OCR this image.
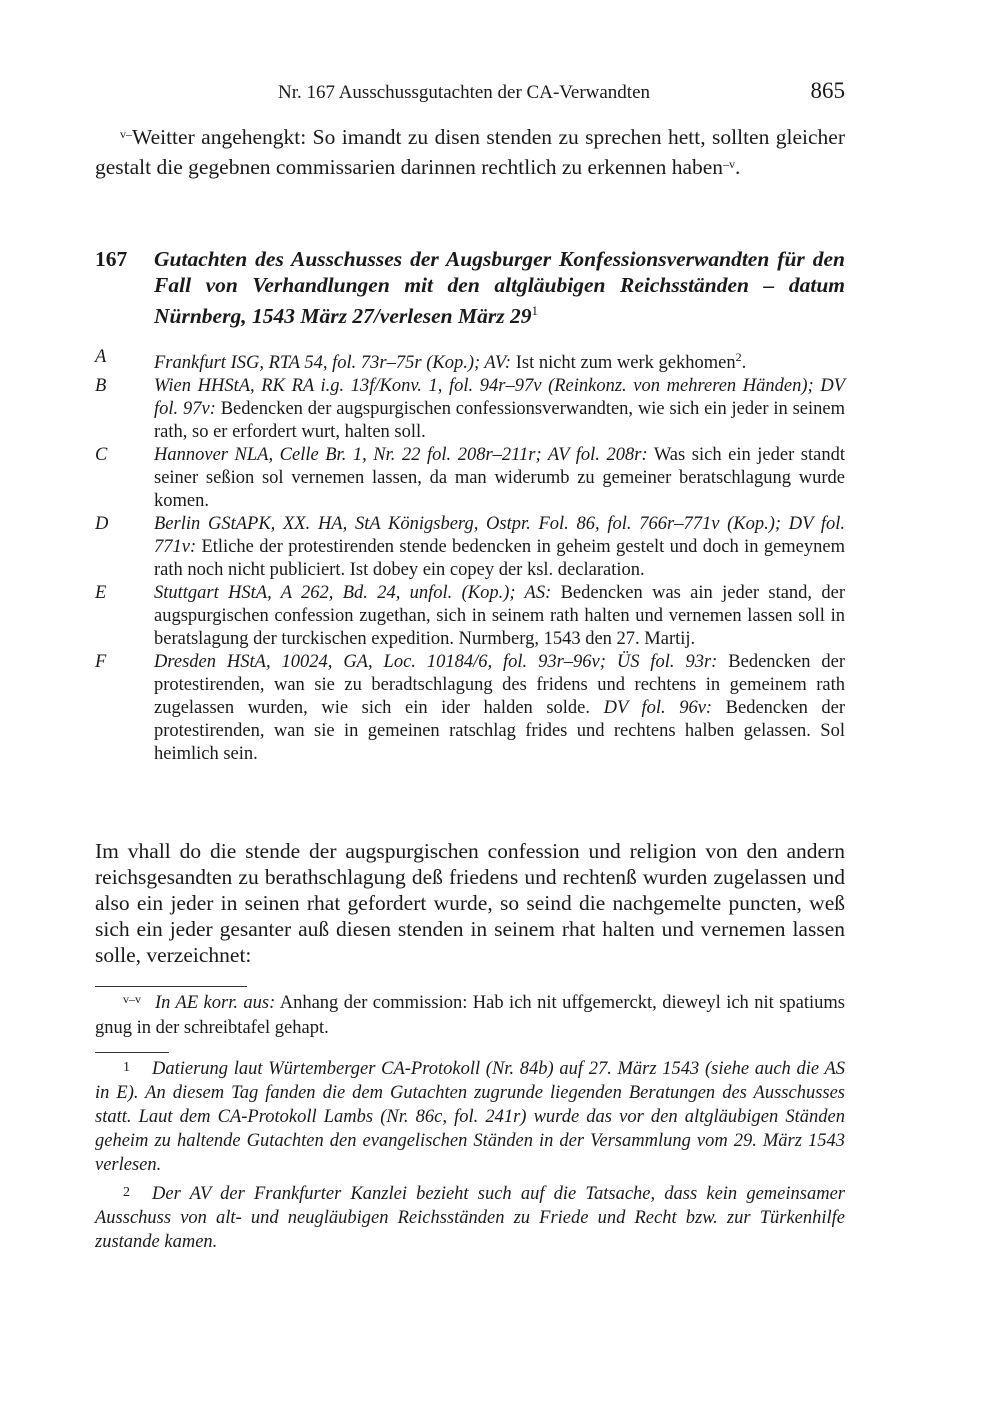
Nr. 167 Ausschussgutachten der CA-Verwandten	865

$^{v-}$Weitter angehengkt: So imandt zu disen stenden zu sprechen hett, sollten gleicher gestalt die gegebnen commissarien darinnen rechtlich zu erkennen haben$^{-v}$.

167 Gutachten des Ausschusses der Augsburger Konfessionsverwandten für den Fall von Verhandlungen mit den altgläubigen Reichsständen – datum Nürnberg, 1543 März 27/verlesen März 29$^1$
A	Frankfurt ISG, RTA 54, fol. 73r–75r (Kop.); AV: Ist nicht zum werk gekhomen$^2$.
B	Wien HHStA, RK RA i.g. 13f/Konv. 1, fol. 94r–97v (Reinkonz. von mehreren Händen); DV fol. 97v: Bedencken der augspurgischen confessionsverwandten, wie sich ein jeder in seinem rath, so er erfordert wurt, halten soll.
C	Hannover NLA, Celle Br. 1, Nr. 22 fol. 208r–211r; AV fol. 208r: Was sich ein jeder standt seiner seßion sol vernemen lassen, da man widerumb zu gemeiner beratschlagung wurde komen.
D Berlin GStAPK, XX. HA, StA Königsberg, Ostpr. Fol. 86, fol. 766r–771v (Kop.); DV fol. 771v: Etliche der protestirenden stende bedencken in geheim gestelt und doch in gemeynem rath noch nicht publiciert. Ist dobey ein copey der ksl. declaration.
E	Stuttgart HStA, A 262, Bd. 24, unfol. (Kop.); AS: Bedencken was ain jeder stand, der augspurgischen confession zugethan, sich in seinem rath halten und vernemen lassen soll in beratslagung der turckischen expedition. Nurmberg, 1543 den 27. Martij.
F	Dresden HStA, 10024, GA, Loc. 10184/6, fol. 93r–96v; ÜS fol. 93r: Bedencken der protestirenden, wan sie zu beradtschlagung des fridens und rechtens in gemeinem rath zugelassen wurden, wie sich ein ider halden solde. DV fol. 96v: Bedencken der protestirenden, wan sie in gemeinen ratschlag frides und rechtens halben gelassen. Sol heimlich sein.

Im vhall do die stende der augspurgischen confession und religion von den andern reichsgesandten zu berathschlagung deß friedens und rechtenß wurden zugelassen und also ein jeder in seinen rhat gefordert wurde, so seind die nachgemelte puncten, weß sich ein jeder gesanter auß diesen stenden in seinem rhat halten und vernemen lassen solle, verzeichnet:

v–v In AE korr. aus: Anhang der commission: Hab ich nit uffgemerckt, dieweyl ich nit spatiums gnug in der schreibtafel gehapt.

1 Datierung laut Würtemberger CA-Protokoll (Nr. 84b) auf 27. März 1543 (siehe auch die AS in E). An diesem Tag fanden die dem Gutachten zugrunde liegenden Beratungen des Ausschusses statt. Laut dem CA-Protokoll Lambs (Nr. 86c, fol. 241r) wurde das vor den altgläubigen Ständen geheim zu haltende Gutachten den evangelischen Ständen in der Versammlung vom 29. März 1543 verlesen.

2 Der AV der Frankfurter Kanzlei bezieht such auf die Tatsache, dass kein gemeinsamer Ausschuss von alt- und neugläubigen Reichsständen zu Friede und Recht bzw. zur Türkenhilfe zustande kamen.
